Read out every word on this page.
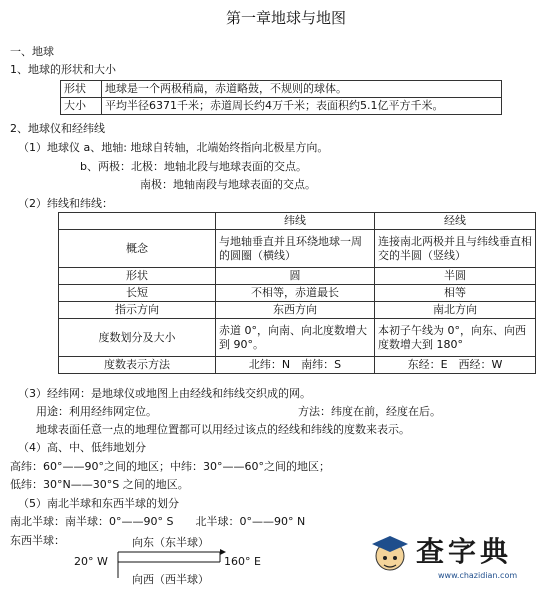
第一章地球与地图
一、地球
1、地球的形状和大小
形状	地球是一个两极稍扁，赤道略鼓，不规则的球体。
大小	平均半径6371千米；赤道周长约4万千米；表面积约5.1亿平方千米。
2、地球仪和经纬线
（1）地球仪 a、地轴: 地球自转轴，北端始终指向北极星方向。
b、两极：北极：地轴北段与地球表面的交点。
南极：地轴南段与地球表面的交点。
（2）纬线和纬线：
	纬线	经线
概念	与地轴垂直并且环绕地球一周的圆圈（横线）	连接南北两极并且与纬线垂直相交的半圆（竖线）
形状	圆	半圆
长短	不相等，赤道最长	相等
指示方向	东西方向	南北方向
度数划分及大小	赤道 0°，向南、向北度数增大到 90°。	本初子午线为 0°，向东、向西度数增大到 180°
度数表示方法	北纬：N　南纬：S	东经：E　西经：W
（3）经纬网：是地球仪或地图上由经线和纬线交织成的网。
用途：利用经纬网定位。	方法：纬度在前，经度在后。
地球表面任意一点的地理位置都可以用经过该点的经线和纬线的度数来表示。
（4）高、中、低纬地划分
高纬：60°——90°之间的地区；中纬：30°——60°之间的地区；
低纬：30°N——30°S 之间的地区。
（5）南北半球和东西半球的划分
南北半球：南半球：0°——90° S　　北半球：0°——90° N
东西半球：	向东（东半球）
20° W	160° E
向西（西半球）
查字典
www.chazidian.com
